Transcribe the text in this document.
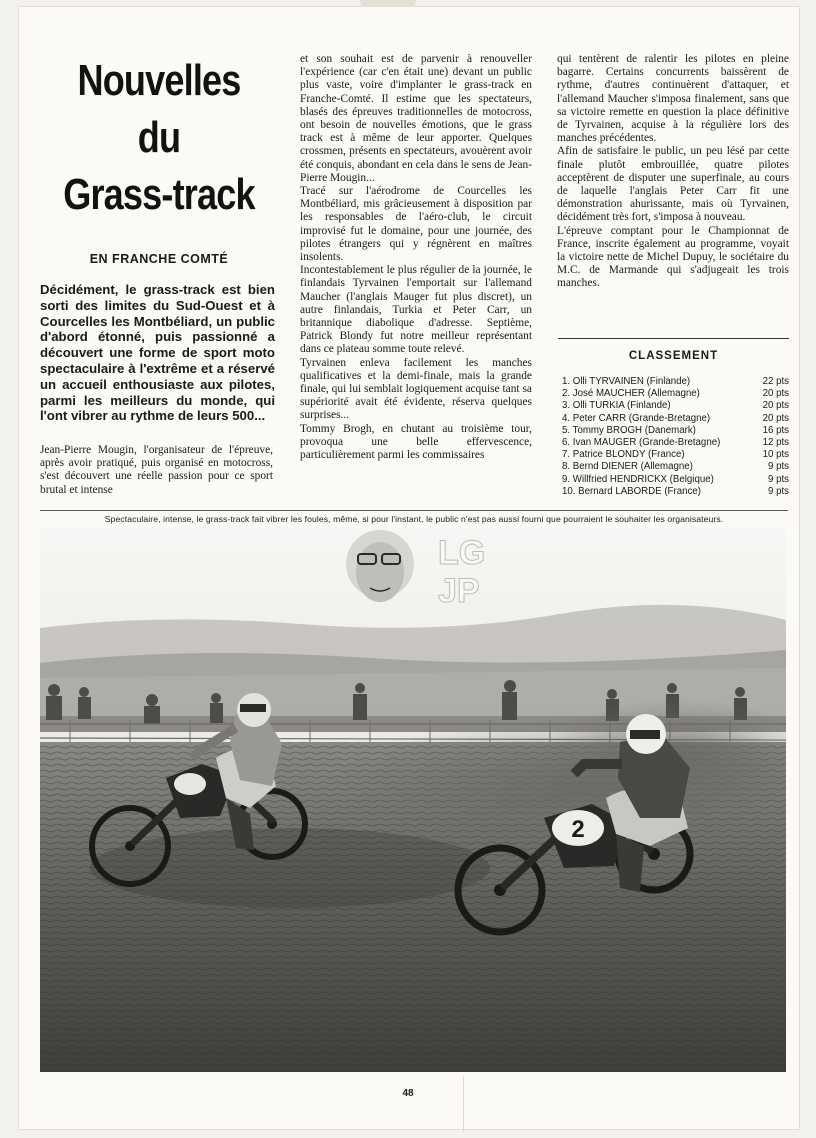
Nouvelles
du
Grass-track
EN FRANCHE COMTÉ
Décidément, le grass-track est bien sorti des limites du Sud-Ouest et à Courcelles les Montbéliard, un public d'abord étonné, puis passionné a découvert une forme de sport moto spectaculaire à l'extrême et a réservé un accueil enthousiaste aux pilotes, parmi les meilleurs du monde, qui l'ont vibrer au rythme de leurs 500...

Jean-Pierre Mougin, l'organisateur de l'épreuve, après avoir pratiqué, puis organisé en motocross, s'est découvert une réelle passion pour ce sport brutal et intense

et son souhait est de parvenir à renouveller l'expérience (car c'en était une) devant un public plus vaste, voire d'implanter le grass-track en Franche-Comté. Il estime que les spectateurs, blasés des épreuves traditionnelles de motocross, ont besoin de nouvelles émotions, que le grass track est à même de leur apporter. Quelques crossmen, présents en spectateurs, avouèrent avoir été conquis, abondant en cela dans le sens de Jean-Pierre Mougin...

Tracé sur l'aérodrome de Courcelles les Montbéliard, mis grâcieusement à disposition par les responsables de l'aéro-club, le circuit improvisé fut le domaine, pour une journée, des pilotes étrangers qui y régnèrent en maîtres insolents.

Incontestablement le plus régulier de la journée, le finlandais Tyrvainen l'emportait sur l'allemand Maucher (l'anglais Mauger fut plus discret), un autre finlandais, Turkia et Peter Carr, un britannique diabolique d'adresse. Septième, Patrick Blondy fut notre meilleur représentant dans ce plateau somme toute relevé.

Tyrvainen enleva facilement les manches qualificatives et la demi-finale, mais la grande finale, qui lui semblait logiquement acquise tant sa supériorité avait été évidente, réserva quelques surprises...

Tommy Brogh, en chutant au troisième tour, provoqua une belle effervescence, particulièrement parmi les commissaires

qui tentèrent de ralentir les pilotes en pleine bagarre. Certains concurrents baissèrent de rythme, d'autres continuèrent d'attaquer, et l'allemand Maucher s'imposa finalement, sans que sa victoire remette en question la place définitive de Tyrvainen, acquise à la régulière lors des manches précédentes.

Afin de satisfaire le public, un peu lésé par cette finale plutôt embrouillée, quatre pilotes acceptèrent de disputer une superfinale, au cours de laquelle l'anglais Peter Carr fit une démonstration ahurissante, mais où Tyrvainen, décidément très fort, s'imposa à nouveau.

L'épreuve comptant pour le Championnat de France, inscrite également au programme, voyait la victoire nette de Michel Dupuy, le sociétaire du M.C. de Marmande qui s'adjugeait les trois manches.

CLASSEMENT
1. Olli TYRVAINEN (Finlande)	22 pts
2. José MAUCHER (Allemagne)	20 pts
3. Olli TURKIA (Finlande)	20 pts
4. Peter CARR (Grande-Bretagne)	20 pts
5. Tommy BROGH (Danemark)	16 pts
6. Ivan MAUGER (Grande-Bretagne)	12 pts
7. Patrice BLONDY (France)	10 pts
8. Bernd DIENER (Allemagne)	9 pts
9. Willfried HENDRICKX (Belgique)	9 pts
10. Bernard LABORDE (France)	9 pts
Spectaculaire, intense, le grass-track fait vibrer les foules, même, si pour l'instant, le public n'est pas aussi fourni que pourraient le souhaiter les organisateurs.
2
LG
JP
48
